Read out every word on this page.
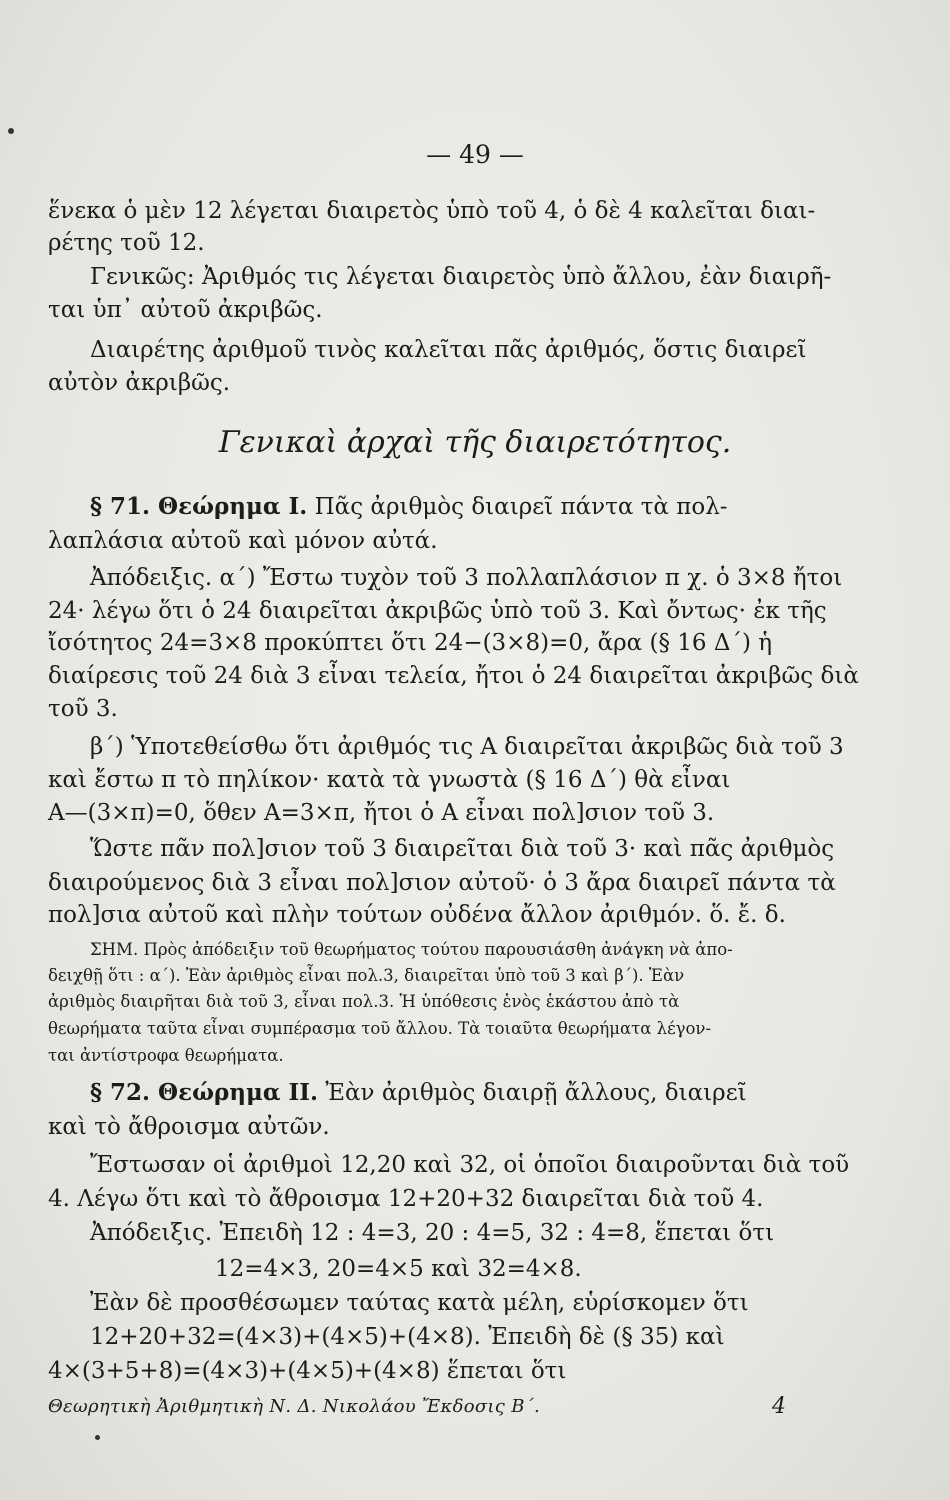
— 49 —
ἕνεκα ὁ μὲν 12 λέγεται διαιρετὸς ὑπὸ τοῦ 4, ὁ δὲ 4 καλεῖται διαι-
ρέτης τοῦ 12.
Γενικῶς: Ἀριθμός τις λέγεται διαιρετὸς ὑπὸ ἄλλου, ἐὰν διαιρῆ-
ται ὑπ᾽ αὐτοῦ ἀκριβῶς.
Διαιρέτης ἀριθμοῦ τινὸς καλεῖται πᾶς ἀριθμός, ὅστις διαιρεῖ
αὐτὸν ἀκριβῶς.
Γενικαὶ ἀρχαὶ τῆς διαιρετότητος.
§ 71. Θεώρημα Ι. Πᾶς ἀριθμὸς διαιρεῖ πάντα τὰ πολ-
λαπλάσια αὐτοῦ καὶ μόνον αὐτά.
Ἀπόδειξις. α΄) Ἔστω τυχὸν τοῦ 3 πολλαπλάσιον π χ. ὁ 3×8 ἤτοι
24· λέγω ὅτι ὁ 24 διαιρεῖται ἀκριβῶς ὑπὸ τοῦ 3. Καὶ ὄντως· ἐκ τῆς
ἴσότητος 24=3×8 προκύπτει ὅτι 24−(3×8)=0, ἄρα (§ 16 Δ΄) ἡ
διαίρεσις τοῦ 24 διὰ 3 εἶναι τελεία, ἤτοι ὁ 24 διαιρεῖται ἀκριβῶς διὰ
τοῦ 3.
β΄) Ὑποτεθείσθω ὅτι ἀριθμός τις Α διαιρεῖται ἀκριβῶς διὰ τοῦ 3
καὶ ἔστω π τὸ πηλίκον· κατὰ τὰ γνωστὰ (§ 16 Δ΄) θὰ εἶναι
Α—(3×π)=0, ὅθεν Α=3×π, ἤτοι ὁ Α εἶναι πολ]σιον τοῦ 3.
Ὥστε πᾶν πολ]σιον τοῦ 3 διαιρεῖται διὰ τοῦ 3· καὶ πᾶς ἀριθμὸς
διαιρούμενος διὰ 3 εἶναι πολ]σιον αὐτοῦ· ὁ 3 ἄρα διαιρεῖ πάντα τὰ
πολ]σια αὐτοῦ καὶ πλὴν τούτων οὐδένα ἄλλον ἀριθμόν. ὅ. ἔ. δ.
ΣΗΜ. Πρὸς ἀπόδειξιν τοῦ θεωρήματος τούτου παρουσιάσθη ἀνάγκη νὰ ἀπο-
δειχθῇ ὅτι : α΄). Ἐὰν ἀριθμὸς εἶναι πολ.3, διαιρεῖται ὑπὸ τοῦ 3 καὶ β΄). Ἐὰν
ἀριθμὸς διαιρῆται διὰ τοῦ 3, εἶναι πολ.3. Ἡ ὑπόθεσις ἑνὸς ἑκάστου ἀπὸ τὰ
θεωρήματα ταῦτα εἶναι συμπέρασμα τοῦ ἄλλου. Τὰ τοιαῦτα θεωρήματα λέγον-
ται ἀντίστροφα θεωρήματα.
§ 72. Θεώρημα ΙΙ. Ἐὰν ἀριθμὸς διαιρῇ ἄλλους, διαιρεῖ
καὶ τὸ ἄθροισμα αὐτῶν.
Ἔστωσαν οἱ ἀριθμοὶ 12,20 καὶ 32, οἱ ὁποῖοι διαιροῦνται διὰ τοῦ
4. Λέγω ὅτι καὶ τὸ ἄθροισμα 12+20+32 διαιρεῖται διὰ τοῦ 4.
Ἀπόδειξις. Ἐπειδὴ 12 : 4=3, 20 : 4=5, 32 : 4=8, ἕπεται ὅτι
12=4×3, 20=4×5 καὶ 32=4×8.
Ἐὰν δὲ προσθέσωμεν ταύτας κατὰ μέλη, εὑρίσκομεν ὅτι
12+20+32=(4×3)+(4×5)+(4×8). Ἐπειδὴ δὲ (§ 35) καὶ
4×(3+5+8)=(4×3)+(4×5)+(4×8) ἕπεται ὅτι
Θεωρητικὴ Ἀριθμητικὴ Ν. Δ. Νικολάου Ἔκδοσις Β΄.	4
